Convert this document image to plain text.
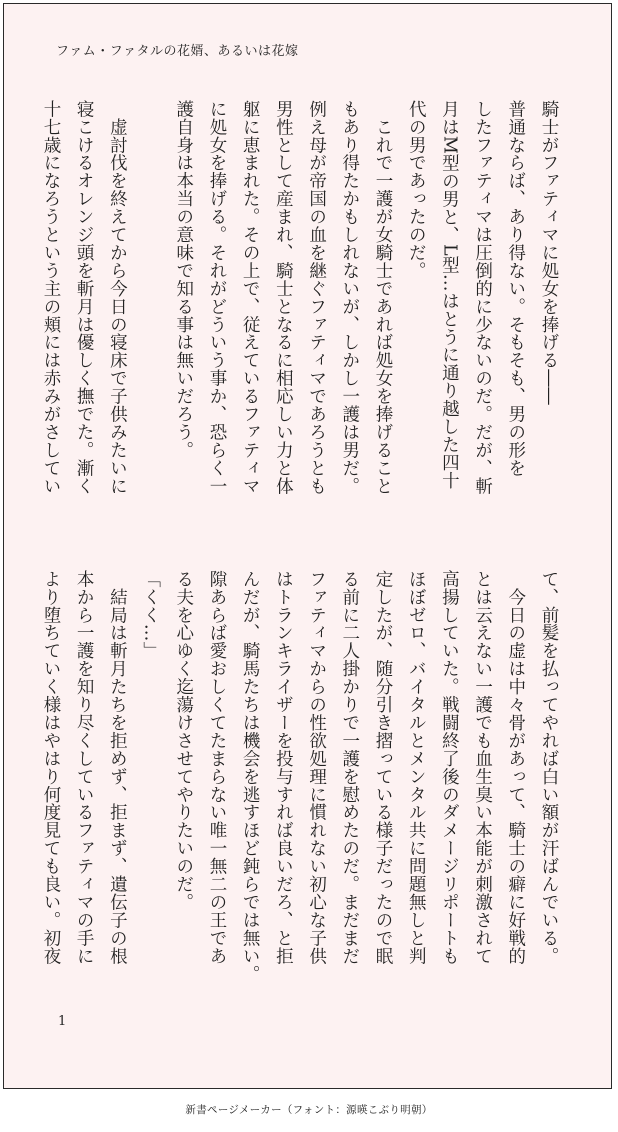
ファム・ファタルの花婿、あるいは花嫁
騎士がファティマに処女を捧げる――
普通ならば、あり得ない。そもそも、男の形を
したファティマは圧倒的に少ないのだ。だが、斬
月はM型の男と、L型…はとうに通り越した四十
代の男であったのだ。
　これで一護が女騎士であれば処女を捧げること
もあり得たかもしれないが、しかし一護は男だ。
例え母が帝国の血を継ぐファティマであろうとも
男性として産まれ、騎士となるに相応しい力と体
躯に恵まれた。その上で、従えているファティマ
に処女を捧げる。それがどういう事か、恐らく一
護自身は本当の意味で知る事は無いだろう。

　虚討伐を終えてから今日の寝床で子供みたいに
寝こけるオレンジ頭を斬月は優しく撫でた。漸く
十七歳になろうという主の頬には赤みがさしてい
て、前髪を払ってやれば白い額が汗ばんでいる。
　今日の虚は中々骨があって、騎士の癖に好戦的
とは云えない一護でも血生臭い本能が刺激されて
高揚していた。戦闘終了後のダメージリポートも
ほぼゼロ、バイタルとメンタル共に問題無しと判
定したが、随分引き摺っている様子だったので眠
る前に二人掛かりで一護を慰めたのだ。まだまだ
ファティマからの性欲処理に慣れない初心な子供
はトランキライザーを投与すれば良いだろ、と拒
んだが、騎馬たちは機会を逃すほど鈍らでは無い。
隙あらば愛おしくてたまらない唯一無二の王であ
る夫を心ゆく迄蕩けさせてやりたいのだ。
「くく…」
　結局は斬月たちを拒めず、拒まず、遺伝子の根
本から一護を知り尽くしているファティマの手に
より堕ちていく様はやはり何度見ても良い。初夜
1
新書ページメーカー（フォント：源暎こぶり明朝）
